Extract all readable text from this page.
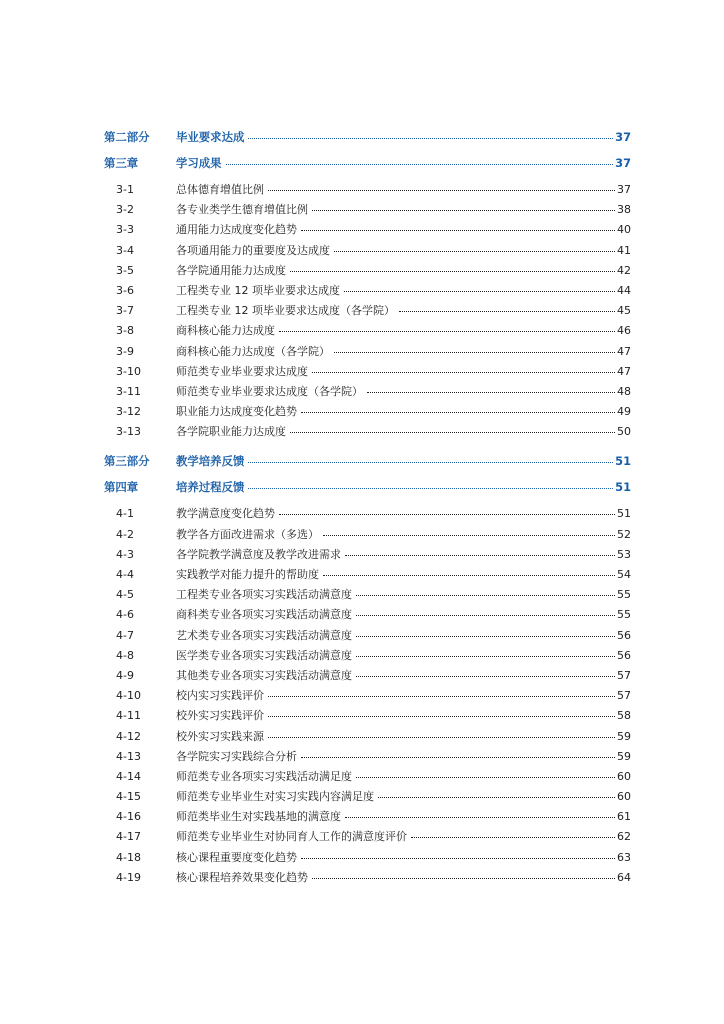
第二部分	毕业要求达成	37
第三章	学习成果	37
3-1	总体德育增值比例	37
3-2	各专业类学生德育增值比例	38
3-3	通用能力达成度变化趋势	40
3-4	各项通用能力的重要度及达成度	41
3-5	各学院通用能力达成度	42
3-6	工程类专业 12 项毕业要求达成度	44
3-7	工程类专业 12 项毕业要求达成度（各学院）	45
3-8	商科核心能力达成度	46
3-9	商科核心能力达成度（各学院）	47
3-10	师范类专业毕业要求达成度	47
3-11	师范类专业毕业要求达成度（各学院）	48
3-12	职业能力达成度变化趋势	49
3-13	各学院职业能力达成度	50
第三部分	教学培养反馈	51
第四章	培养过程反馈	51
4-1	教学满意度变化趋势	51
4-2	教学各方面改进需求（多选）	52
4-3	各学院教学满意度及教学改进需求	53
4-4	实践教学对能力提升的帮助度	54
4-5	工程类专业各项实习实践活动满意度	55
4-6	商科类专业各项实习实践活动满意度	55
4-7	艺术类专业各项实习实践活动满意度	56
4-8	医学类专业各项实习实践活动满意度	56
4-9	其他类专业各项实习实践活动满意度	57
4-10	校内实习实践评价	57
4-11	校外实习实践评价	58
4-12	校外实习实践来源	59
4-13	各学院实习实践综合分析	59
4-14	师范类专业各项实习实践活动满足度	60
4-15	师范类专业毕业生对实习实践内容满足度	60
4-16	师范类毕业生对实践基地的满意度	61
4-17	师范类专业毕业生对协同育人工作的满意度评价	62
4-18	核心课程重要度变化趋势	63
4-19	核心课程培养效果变化趋势	64
